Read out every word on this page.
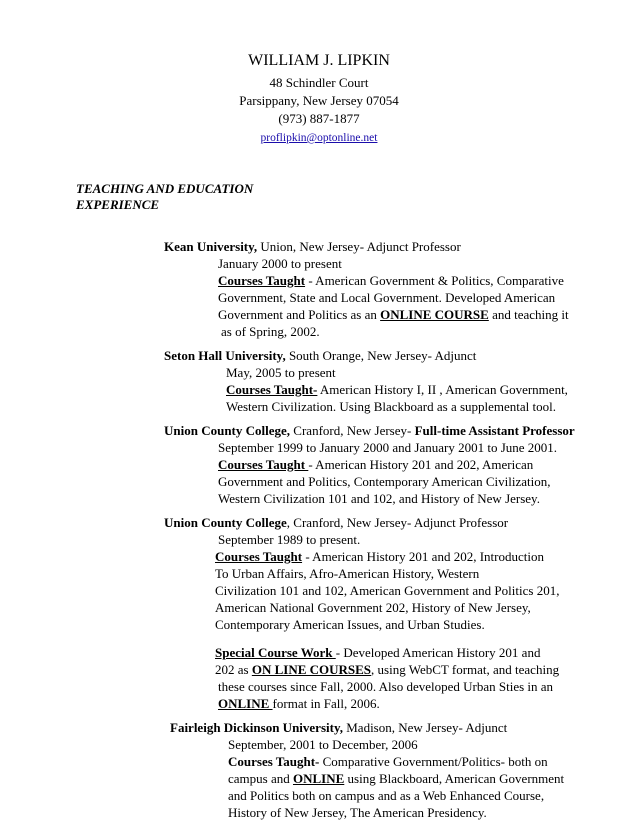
WILLIAM J. LIPKIN
48 Schindler Court
Parsippany, New Jersey 07054
(973) 887-1877
proflipkin@optonline.net
TEACHING AND EDUCATION
EXPERIENCE
Kean University, Union, New Jersey- Adjunct Professor
January 2000 to present
Courses Taught - American Government & Politics, Comparative
Government, State and Local Government. Developed American
Government and Politics as an ONLINE COURSE and teaching it
as of Spring, 2002.
Seton Hall University, South Orange, New Jersey- Adjunct
May, 2005 to present
Courses Taught- American History I, II , American Government,
Western Civilization. Using Blackboard as a supplemental tool.
Union County College, Cranford, New Jersey- Full-time Assistant Professor
September 1999 to January 2000 and January 2001 to June 2001.
Courses Taught - American History 201 and 202, American
Government and Politics, Contemporary American Civilization,
Western Civilization 101 and 102, and History of New Jersey.
Union County College, Cranford, New Jersey- Adjunct Professor
September 1989 to present.
Courses Taught - American History 201 and 202, Introduction
To Urban Affairs, Afro-American History, Western
Civilization 101 and 102, American Government and Politics 201,
American National Government 202, History of New Jersey,
Contemporary American Issues, and Urban Studies.
Special Course Work - Developed American History 201 and
202 as ON LINE COURSES, using WebCT format, and teaching
these courses since Fall, 2000. Also developed Urban Sties in an
ONLINE format in Fall, 2006.
Fairleigh Dickinson University, Madison, New Jersey- Adjunct
September, 2001 to December, 2006
Courses Taught- Comparative Government/Politics- both on
campus and ONLINE using Blackboard, American Government
and Politics both on campus and as a Web Enhanced Course,
History of New Jersey, The American Presidency.
